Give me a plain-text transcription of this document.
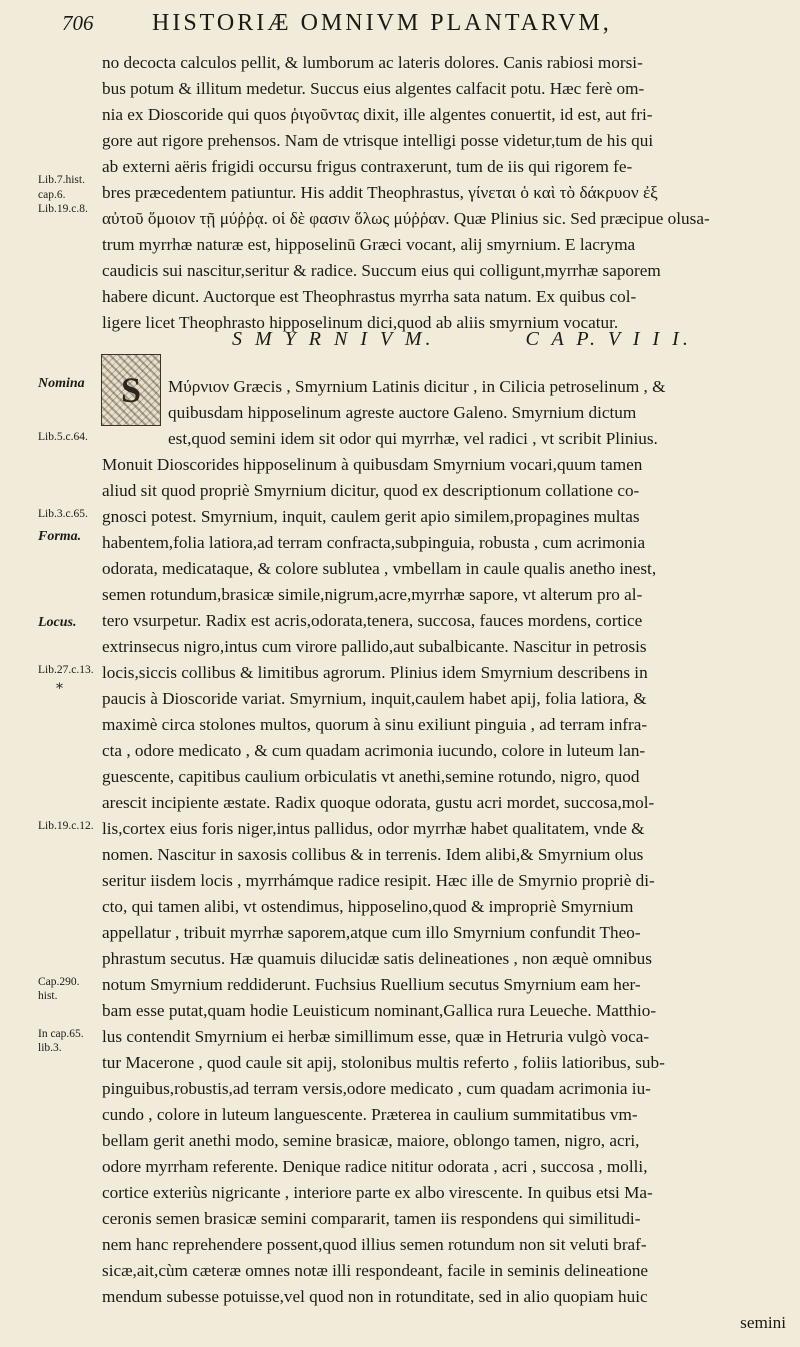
706 HISTORIÆ OMNIVM PLANTARVM,
no decocta calculos pellit, & lumborum ac lateris dolores. Canis rabiosi morsi-
bus potum & illitum medetur. Succus eius algentes calfacit potu. Hæc ferè om-
nia ex Dioscoride qui quos ῥιγοῦντας dixit, ille algentes conuertit, id est, aut fri-
gore aut rigore prehensos. Nam de vtrisque intelligi posse videtur,tum de his qui
ab externi aëris frigidi occursu frigus contraxerunt, tum de iis qui rigorem fe-
bres præcedentem patiuntur. His addit Theophrastus, γίνεται ὁ καὶ τὸ δάκρυον ἐξ
αὐτοῦ ὅμοιον τῇ μύῤῥᾳ. οἱ δὲ φασιν ὅλως μύῤῥαν. Quæ Plinius sic. Sed præcipue olusa-
trum myrrhæ naturæ est, hipposelinū Græci vocant, alij smyrnium. E lacryma
caudicis sui nascitur,seritur & radice. Succum eius qui colligunt,myrrhæ saporem
habere dicunt. Auctorque est Theophrastus myrrha sata natum. Ex quibus col-
ligere licet Theophrasto hipposelinum dici,quod ab aliis smyrnium vocatur.
S M Y R N I V M.	C A P. V I I I.
S	Μύρνιον Græcis , Smyrnium Latinis dicitur , in Cilicia petroselinum , &
quibusdam hipposelinum agreste auctore Galeno. Smyrnium dictum
est,quod semini idem sit odor qui myrrhæ, vel radici , vt scribit Plinius.
Monuit Dioscorides hipposelinum à quibusdam Smyrnium vocari,quum tamen
aliud sit quod propriè Smyrnium dicitur, quod ex descriptionum collatione co-
gnosci potest. Smyrnium, inquit, caulem gerit apio similem,propagines multas
habentem,folia latiora,ad terram confracta,subpinguia, robusta , cum acrimonia
odorata, medicataque, & colore sublutea , vmbellam in caule qualis anetho inest,
semen rotundum,brasicæ simile,nigrum,acre,myrrhæ sapore, vt alterum pro al-
tero vsurpetur. Radix est acris,odorata,tenera, succosa, fauces mordens, cortice
extrinsecus nigro,intus cum virore pallido,aut subalbicante. Nascitur in petrosis
locis,siccis collibus & limitibus agrorum. Plinius idem Smyrnium describens in
paucis à Dioscoride variat. Smyrnium, inquit,caulem habet apij, folia latiora, &
maximè circa stolones multos, quorum à sinu exiliunt pinguia , ad terram infra-
cta , odore medicato , & cum quadam acrimonia iucundo, colore in luteum lan-
guescente, capitibus caulium orbiculatis vt anethi,semine rotundo, nigro, quod
arescit incipiente æstate. Radix quoque odorata, gustu acri mordet, succosa,mol-
lis,cortex eius foris niger,intus pallidus, odor myrrhæ habet qualitatem, vnde &
nomen. Nascitur in saxosis collibus & in terrenis. Idem alibi,& Smyrnium olus
seritur iisdem locis , myrrhámque radice resipit. Hæc ille de Smyrnio propriè di-
cto, qui tamen alibi, vt ostendimus, hipposelino,quod & impropriè Smyrnium
appellatur , tribuit myrrhæ saporem,atque cum illo Smyrnium confundit Theo-
phrastum secutus. Hæ quamuis dilucidæ satis delineationes , non æquè omnibus
notum Smyrnium reddiderunt. Fuchsius Ruellium secutus Smyrnium eam her-
bam esse putat,quam hodie Leuisticum nominant,Gallica rura Leueche. Matthio-
lus contendit Smyrnium ei herbæ simillimum esse, quæ in Hetruria vulgò voca-
tur Macerone , quod caule sit apij, stolonibus multis referto , foliis latioribus, sub-
pinguibus,robustis,ad terram versis,odore medicato , cum quadam acrimonia iu-
cundo , colore in luteum languescente. Præterea in caulium summitatibus vm-
bellam gerit anethi modo, semine brasicæ, maiore, oblongo tamen, nigro, acri,
odore myrrham referente. Denique radice nititur odorata , acri , succosa , molli,
cortice exteriùs nigricante , interiore parte ex albo virescente. In quibus etsi Ma-
ceronis semen brasicæ semini compararit, tamen iis respondens qui similitudi-
nem hanc reprehendere possent,quod illius semen rotundum non sit veluti braf-
sicæ,ait,cùm cæteræ omnes notæ illi respondeant, facile in seminis delineatione
mendum subesse potuisse,vel quod non in rotunditate, sed in alio quopiam huic
semini
Lib.7.hist.
cap.6.
Lib.19.c.8.
Nomina
Lib.5.c.64.
Lib.3.c.65.
Forma.
Locus.
Lib.27.c.13.
*
Lib.19.c.12.
Cap.290.
hist.
In cap.65.
lib.3.
